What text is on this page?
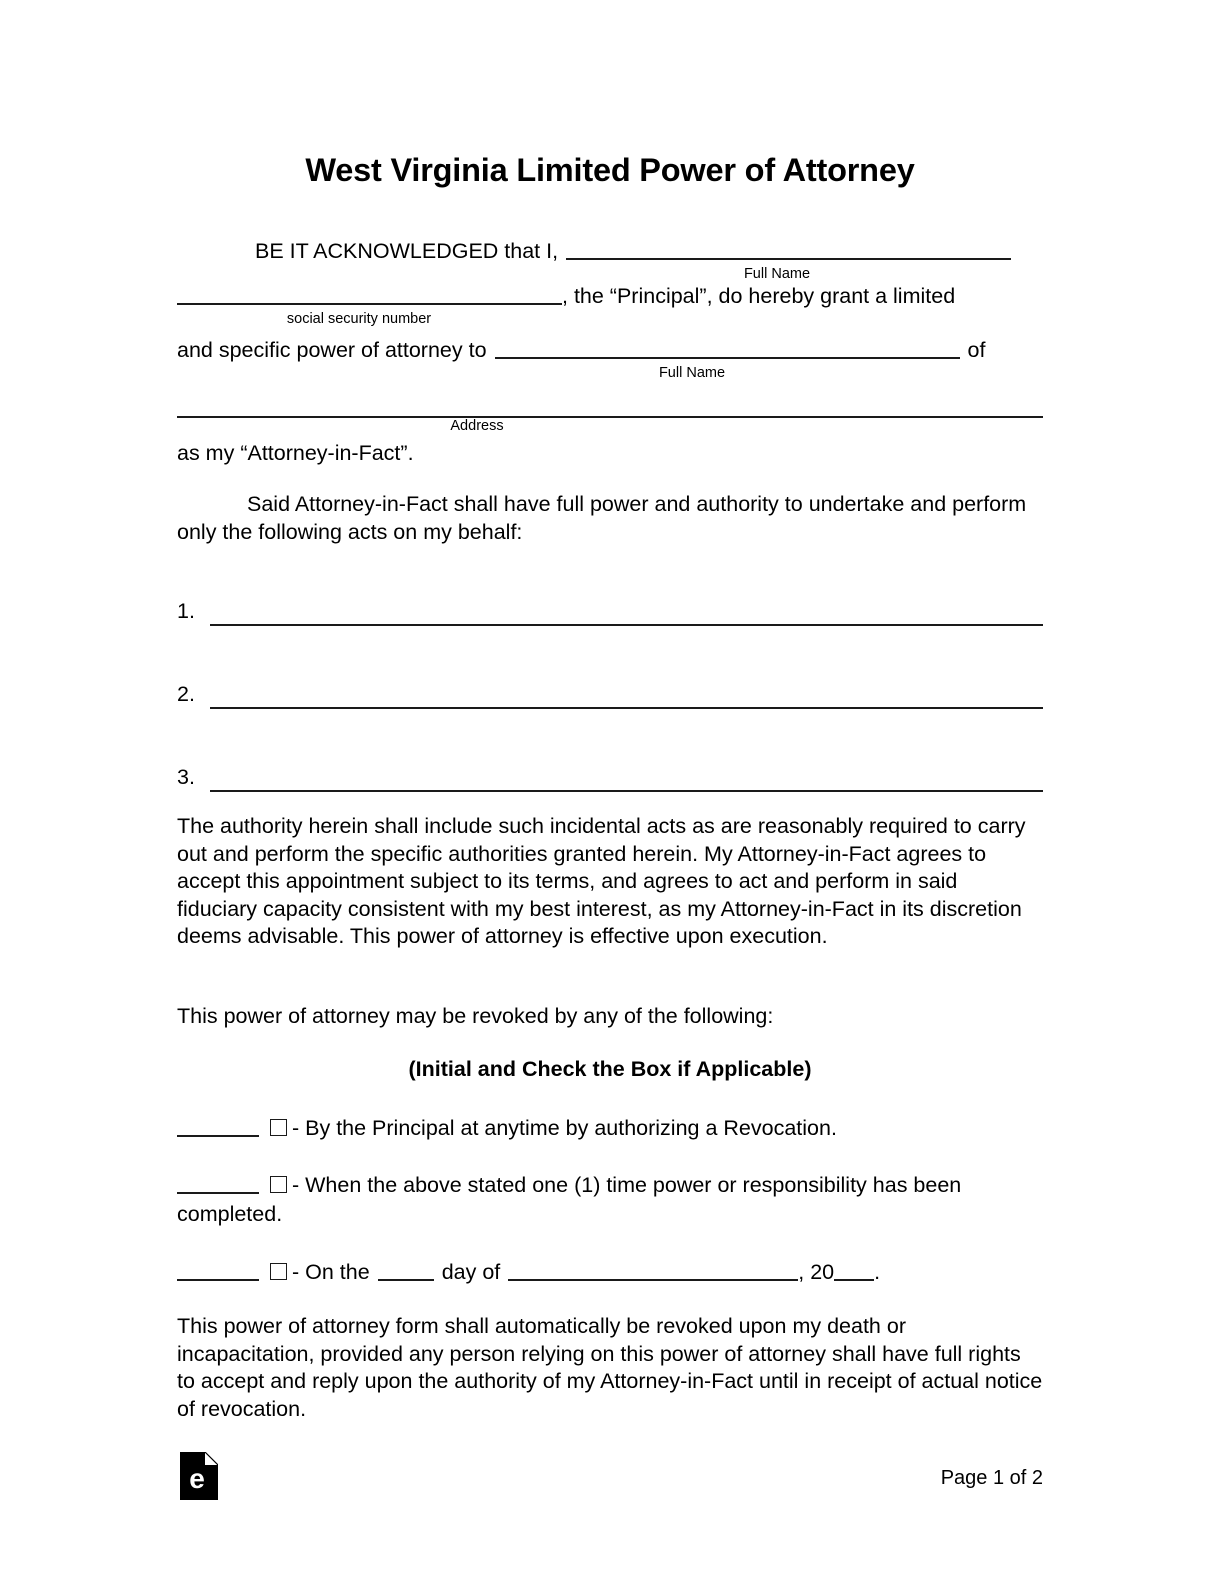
West Virginia Limited Power of Attorney
BE IT ACKNOWLEDGED that I,
Full Name
, the “Principal”, do hereby grant a limited
social security number
and specific power of attorney to	of
Full Name
Address
as my “Attorney-in-Fact”.

Said Attorney-in-Fact shall have full power and authority to undertake and perform only the following acts on my behalf:

1.
2.
3.

The authority herein shall include such incidental acts as are reasonably required to carry out and perform the specific authorities granted herein. My Attorney-in-Fact agrees to accept this appointment subject to its terms, and agrees to act and perform in said fiduciary capacity consistent with my best interest, as my Attorney-in-Fact in its discretion deems advisable. This power of attorney is effective upon execution.

This power of attorney may be revoked by any of the following:

(Initial and Check the Box if Applicable)
- By the Principal at anytime by authorizing a Revocation.
- When the above stated one (1) time power or responsibility has been completed.
- On the	day of	, 20 .

This power of attorney form shall automatically be revoked upon my death or incapacitation, provided any person relying on this power of attorney shall have full rights to accept and reply upon the authority of my Attorney-in-Fact until in receipt of actual notice of revocation.

e	Page 1 of 2
